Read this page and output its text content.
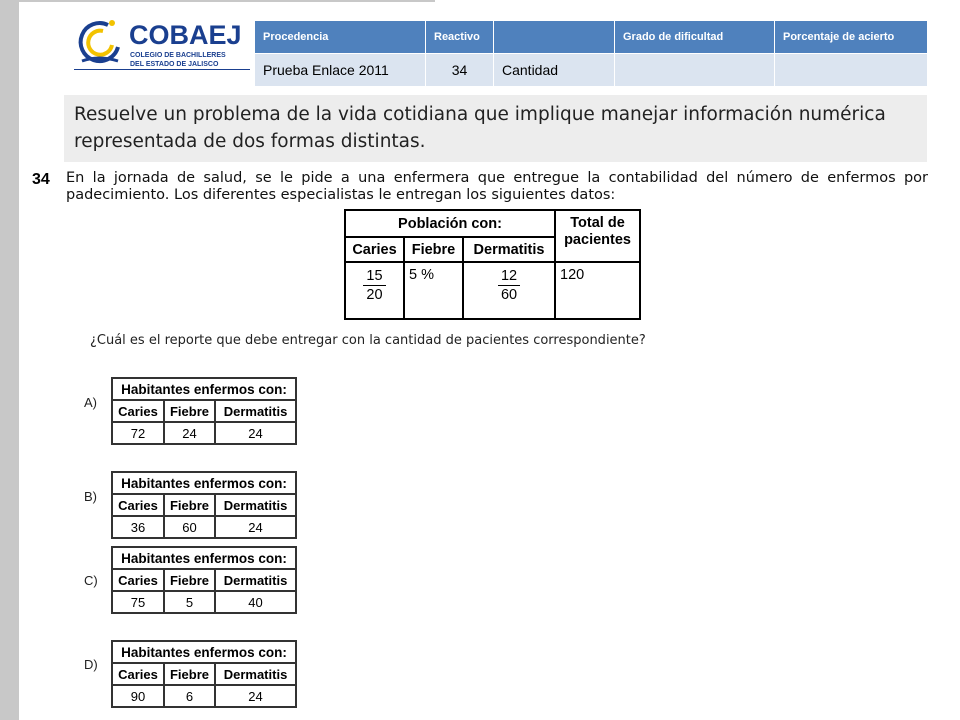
COBAEJ
COLEGIO DE BACHILLERES
DEL ESTADO DE JALISCO
Procedencia	Reactivo		Grado de dificultad	Porcentaje de acierto
Prueba Enlace 2011	34	Cantidad		
Resuelve un problema de la vida cotidiana que implique manejar información numérica representada de dos formas distintas.
34 En la jornada de salud, se le pide a una enfermera que entregue la contabilidad del número de enfermos por padecimiento. Los diferentes especialistas le entregan los siguientes datos:
Población con:			Total de pacientes
Caries	Fiebre	Dermatitis	

$\frac{15}{20}$	5 %	$\frac{12}{60}$	120
¿Cuál es el reporte que debe entregar con la cantidad de pacientes correspondiente?
A)
Habitantes enfermos con:		
Caries	Fiebre	Dermatitis
72	24	24
B)
Habitantes enfermos con:		
Caries	Fiebre	Dermatitis
36	60	24
C)
Habitantes enfermos con:		
Caries	Fiebre	Dermatitis
75	5	40
D)
Habitantes enfermos con:		
Caries	Fiebre	Dermatitis
90	6	24
